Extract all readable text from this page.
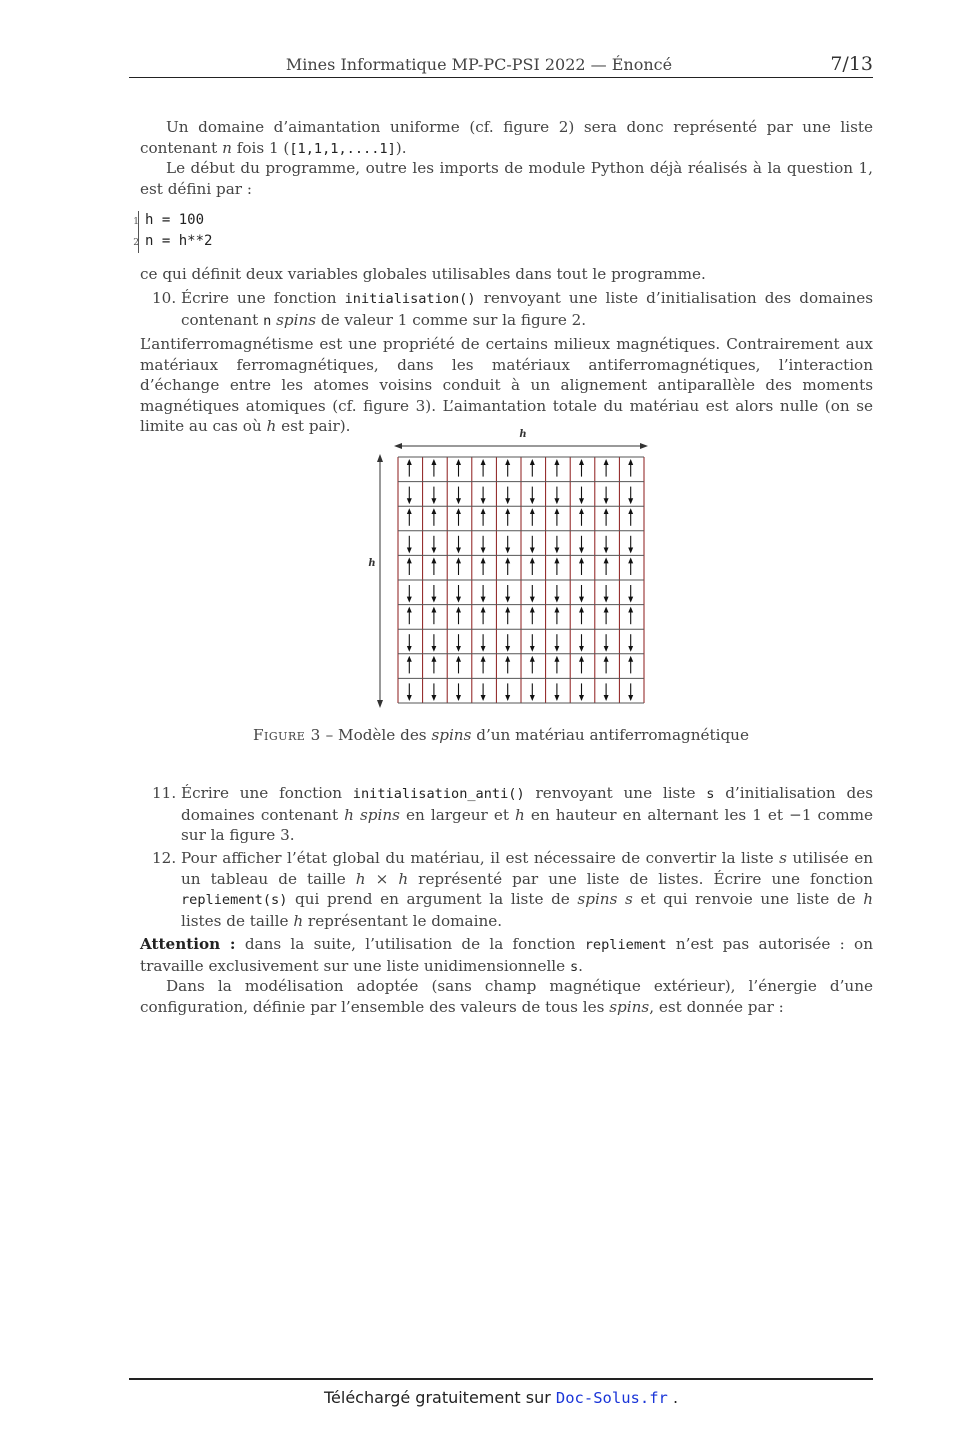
Mines Informatique MP-PC-PSI 2022 — Énoncé	7/13

Un domaine d’aimantation uniforme (cf. figure 2) sera donc représenté par une liste contenant n fois 1 ([1,1,1,....1]).

Le début du programme, outre les imports de module Python déjà réalisés à la question 1, est défini par :

1 h = 100
2 n = h**2

ce qui définit deux variables globales utilisables dans tout le programme.

10. Écrire une fonction initialisation() renvoyant une liste d’initialisation des domaines contenant n spins de valeur 1 comme sur la figure 2.

L’antiferromagnétisme est une propriété de certains milieux magnétiques. Contrairement aux matériaux ferromagnétiques, dans les matériaux antiferromagnétiques, l’interaction d’échange entre les atomes voisins conduit à un alignement antiparallèle des moments magnétiques atomiques (cf. figure 3). L’aimantation totale du matériau est alors nulle (on se limite au cas où h est pair).	h
h
Figure 3 – Modèle des spins d’un matériau antiferromagnétique
11. Écrire une fonction initialisation_anti() renvoyant une liste s d’initialisation des domaines contenant h spins en largeur et h en hauteur en alternant les 1 et −1 comme sur la figure 3.
12. Pour afficher l’état global du matériau, il est nécessaire de convertir la liste s utilisée en un tableau de taille h × h représenté par une liste de listes. Écrire une fonction repliement(s) qui prend en argument la liste de spins s et qui renvoie une liste de h listes de taille h représentant le domaine.

Attention : dans la suite, l’utilisation de la fonction repliement n’est pas autorisée : on travaille exclusivement sur une liste unidimensionnelle s.

Dans la modélisation adoptée (sans champ magnétique extérieur), l’énergie d’une configuration, définie par l’ensemble des valeurs de tous les spins, est donnée par :

Téléchargé gratuitement sur Doc-Solus.fr .
